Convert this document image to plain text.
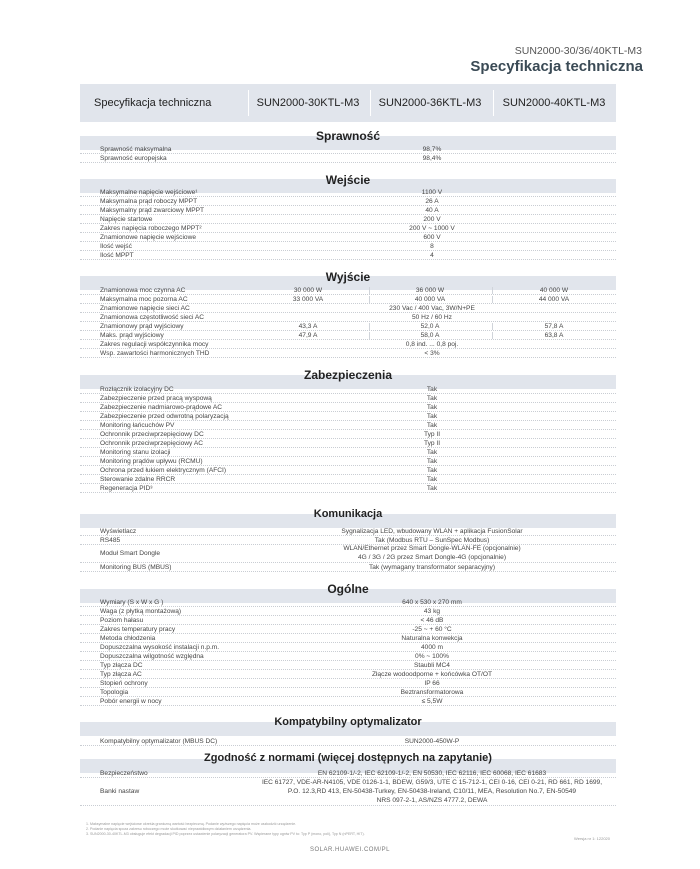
SUN2000-30/36/40KTL-M3
Specyfikacja techniczna
Specyfikacja techniczna	SUN2000-30KTL-M3	SUN2000-36KTL-M3	SUN2000-40KTL-M3
Sprawność
Sprawność maksymalna	98,7%
Sprawność europejska	98,4%
Wejście
Maksymalne napięcie wejściowe¹	1100 V
Maksymalna prąd roboczy MPPT	26 A
Maksymalny prąd zwarciowy MPPT	40 A
Napięcie startowe	200 V
Zakres napięcia roboczego MPPT²	200 V ~ 1000 V
Znamionowe napięcie wejściowe	600 V
Ilość wejść	8
Ilość MPPT	4
Wyjście
Znamionowa moc czynna AC	30 000 W	36 000 W	40 000 W
Maksymalna moc pozorna AC	33 000 VA	40 000 VA	44 000 VA
Znamionowe napięcie sieci AC	230 Vac / 400 Vac, 3W/N+PE
Znamionowa częstotliwość sieci AC	50 Hz / 60 Hz
Znamionowy prąd wyjściowy	43,3 A	52,0 A	57,8 A
Maks. prąd wyjściowy	47,9 A	58,0 A	63,8 A
Zakres regulacji współczynnika mocy	0,8 ind. ... 0,8 poj.
Wsp. zawartości harmonicznych THD	< 3%
Zabezpieczenia
Rozłącznik izolacyjny DC	Tak
Zabezpieczenie przed pracą wyspową	Tak
Zabezpieczenie nadmiarowo-prądowe AC	Tak
Zabezpieczenie przed odwrotną polaryzacją	Tak
Monitoring łańcuchów PV	Tak
Ochronnik przeciwprzepięciowy DC	Typ II
Ochronnik przeciwprzepięciowy AC	Typ II
Monitoring stanu izolacji	Tak
Monitoring prądów upływu (RCMU)	Tak
Ochrona przed łukiem elektrycznym (AFCI)	Tak
Sterowanie zdalne RRCR	Tak
Regeneracja PID³	Tak
Komunikacja
Wyświetlacz	Sygnalizacja LED, wbudowany WLAN + aplikacja FusionSolar
RS485	Tak (Modbus RTU – SunSpec Modbus)
Moduł Smart Dongle
WLAN/Ethernet przez Smart Dongle-WLAN-FE (opcjonalnie)
4G / 3G / 2G przez Smart Dongle-4G (opcjonalnie)
Monitoring BUS (MBUS)	Tak (wymagany transformator separacyjny)
Ogólne
Wymiary (S x W x G )	640 x 530 x 270 mm
Waga (z płytką montażową)	43 kg
Poziom hałasu	< 46 dB
Zakres temperatury pracy	-25 ~ + 60 °C
Metoda chłodzenia	Naturalna konwekcja
Dopuszczalna wysokość instalacji n.p.m.	4000 m
Dopuszczalna wilgotność względna	0% ~ 100%
Typ złącza DC	Staubli MC4
Typ złącza AC	Złącze wodoodporne + końcówka OT/OT
Stopień ochrony	IP 66
Topologia	Beztransformatorowa
Pobór energii w nocy	≤ 5,5W
Kompatybilny optymalizator
Kompatybilny optymalizator (MBUS DC)	SUN2000-450W-P
Zgodność z normami (więcej dostępnych na zapytanie)
Bezpieczeństwo	EN 62109-1/-2, IEC 62109-1/-2, EN 50530, IEC 62116, IEC 60068, IEC 61683
Banki nastaw
IEC 61727, VDE-AR-N4105, VDE 0126-1-1, BDEW, G59/3, UTE C 15-712-1, CEI 0-16, CEI 0-21, RD 661, RD 1699,
P.O. 12.3,RD 413, EN-50438-Turkey, EN-50438-Ireland, C10/11, MEA, Resolution No.7, EN-50549
NRS 097-2-1, AS/NZS 4777.2, DEWA
1. Maksymalne napięcie wejściowe określa graniczną wartość bezpieczną. Podanie wyższego napięcia może uszkodzić urządzenie.
2. Podanie napięcia spoza zakresu roboczego może skutkować nieprawidłowym działaniem urządzenia.
3. SUN2000-30-40KTL-M3 obsługuje efekt degradacji PID poprzez ustawienie polaryzacji generatora PV. Wspierane typy ogniw PV to: Typ P (mono, poli), Typ N (nPERT, HIT).
Wersja nr 1: 122020
SOLAR.HUAWEI.COM/PL
